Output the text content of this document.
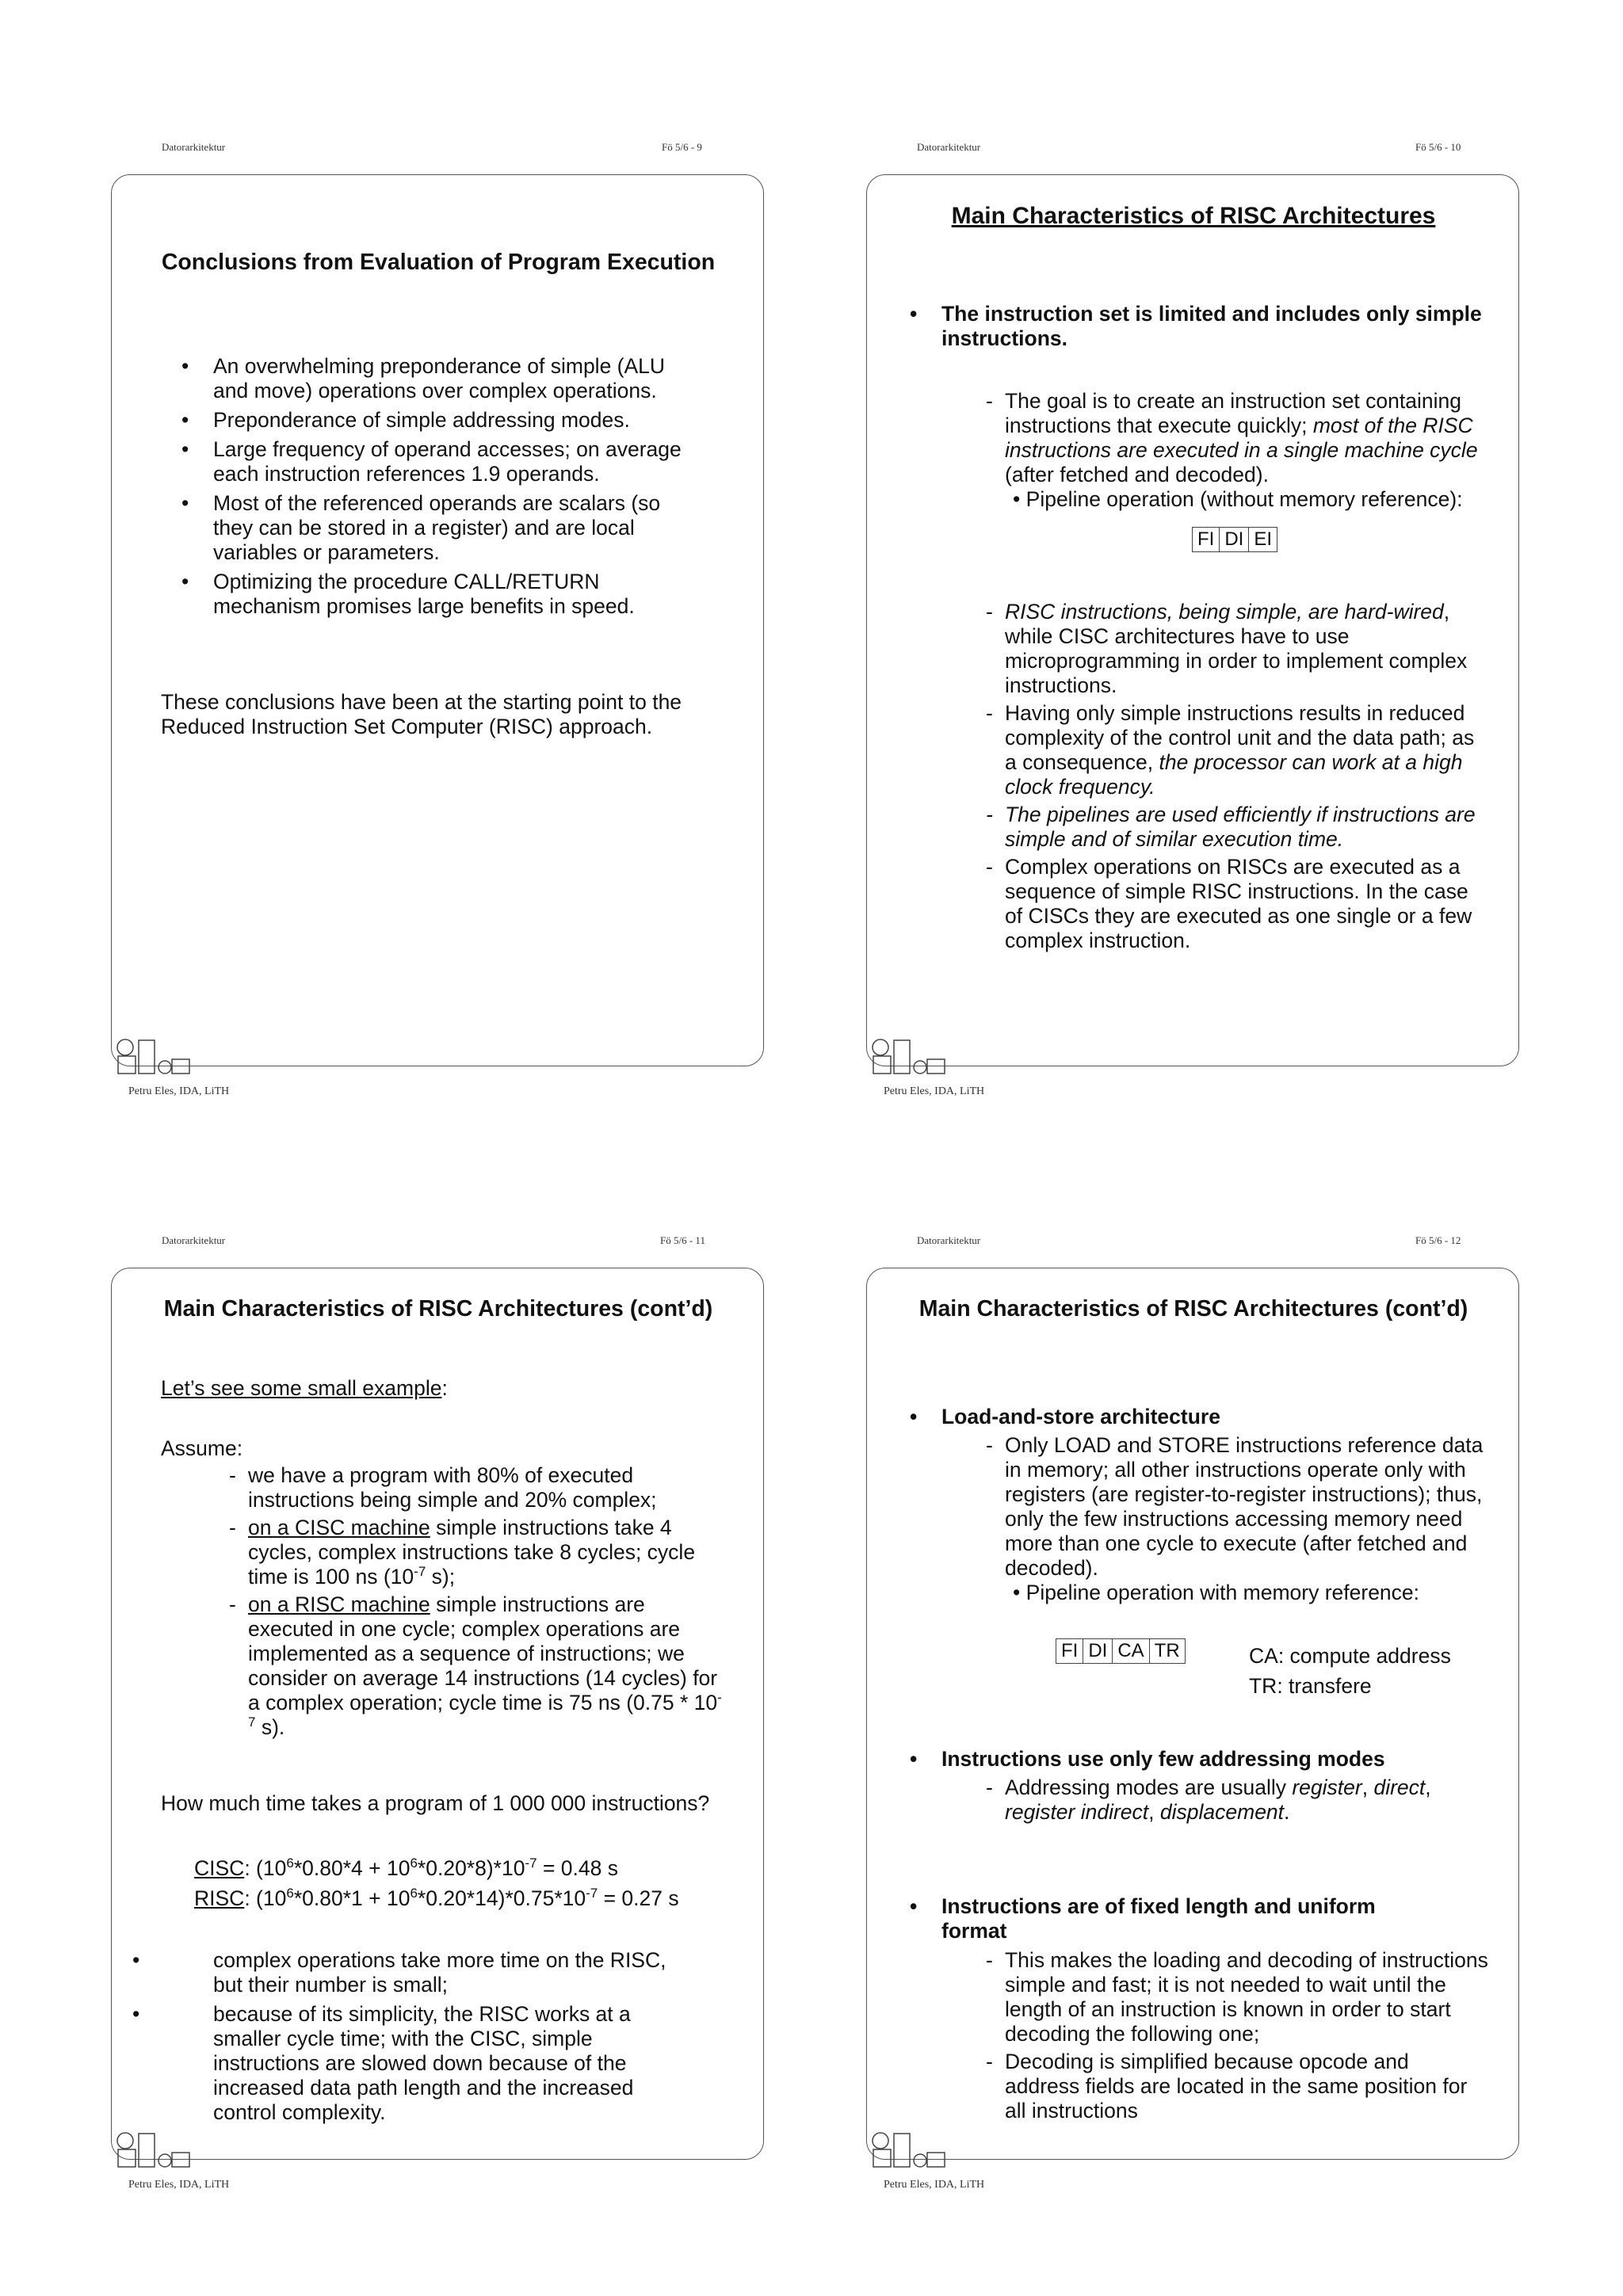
Datorarkitektur	Fö 5/6 - 9
Conclusions from Evaluation of Program Execution
• An overwhelming preponderance of simple (ALU and move) operations over complex operations.
• Preponderance of simple addressing modes.
• Large frequency of operand accesses; on average each instruction references 1.9 operands.
• Most of the referenced operands are scalars (so they can be stored in a register) and are local variables or parameters.
• Optimizing the procedure CALL/RETURN mechanism promises large benefits in speed.
These conclusions have been at the starting point to the Reduced Instruction Set Computer (RISC) approach.
Petru Eles, IDA, LiTH
Datorarkitektur	Fö 5/6 - 10
Main Characteristics of RISC Architectures
• The instruction set is limited and includes only simple instructions.
- The goal is to create an instruction set containing instructions that execute quickly; most of the RISC instructions are executed in a single machine cycle (after fetched and decoded).
• Pipeline operation (without memory reference):
FI DI EI
- RISC instructions, being simple, are hard-wired, while CISC architectures have to use microprogramming in order to implement complex instructions.
- Having only simple instructions results in reduced complexity of the control unit and the data path; as a consequence, the processor can work at a high clock frequency.
- The pipelines are used efficiently if instructions are simple and of similar execution time.
- Complex operations on RISCs are executed as a sequence of simple RISC instructions. In the case of CISCs they are executed as one single or a few complex instruction.
Petru Eles, IDA, LiTH
Datorarkitektur	Fö 5/6 - 11
Main Characteristics of RISC Architectures (cont’d)
Let’s see some small example:
Assume:
- we have a program with 80% of executed instructions being simple and 20% complex;
- on a CISC machine simple instructions take 4 cycles, complex instructions take 8 cycles; cycle time is 100 ns ($10^{-7}$ s);
- on a RISC machine simple instructions are executed in one cycle; complex operations are implemented as a sequence of instructions; we consider on average 14 instructions (14 cycles) for a complex operation; cycle time is 75 ns ($0.75 * 10^{-7}$ s).
How much time takes a program of 1 000 000 instructions?
CISC: $(10^6*0.80*4 + 10^6*0.20*8)*10^{-7} = 0.48$ s
RISC: $(10^6*0.80*1 + 10^6*0.20*14)*0.75*10^{-7} = 0.27$ s
• complex operations take more time on the RISC, but their number is small;
• because of its simplicity, the RISC works at a smaller cycle time; with the CISC, simple instructions are slowed down because of the increased data path length and the increased control complexity.
Petru Eles, IDA, LiTH
Datorarkitektur	Fö 5/6 - 12
Main Characteristics of RISC Architectures (cont’d)
• Load-and-store architecture
- Only LOAD and STORE instructions reference data in memory; all other instructions operate only with registers (are register-to-register instructions); thus, only the few instructions accessing memory need more than one cycle to execute (after fetched and decoded).
• Pipeline operation with memory reference:
FI DI CA TR	CA: compute address
TR: transfere
• Instructions use only few addressing modes
- Addressing modes are usually register, direct, register indirect, displacement.
• Instructions are of fixed length and uniform format
- This makes the loading and decoding of instructions simple and fast; it is not needed to wait until the length of an instruction is known in order to start decoding the following one;
- Decoding is simplified because opcode and address fields are located in the same position for all instructions
Petru Eles, IDA, LiTH
